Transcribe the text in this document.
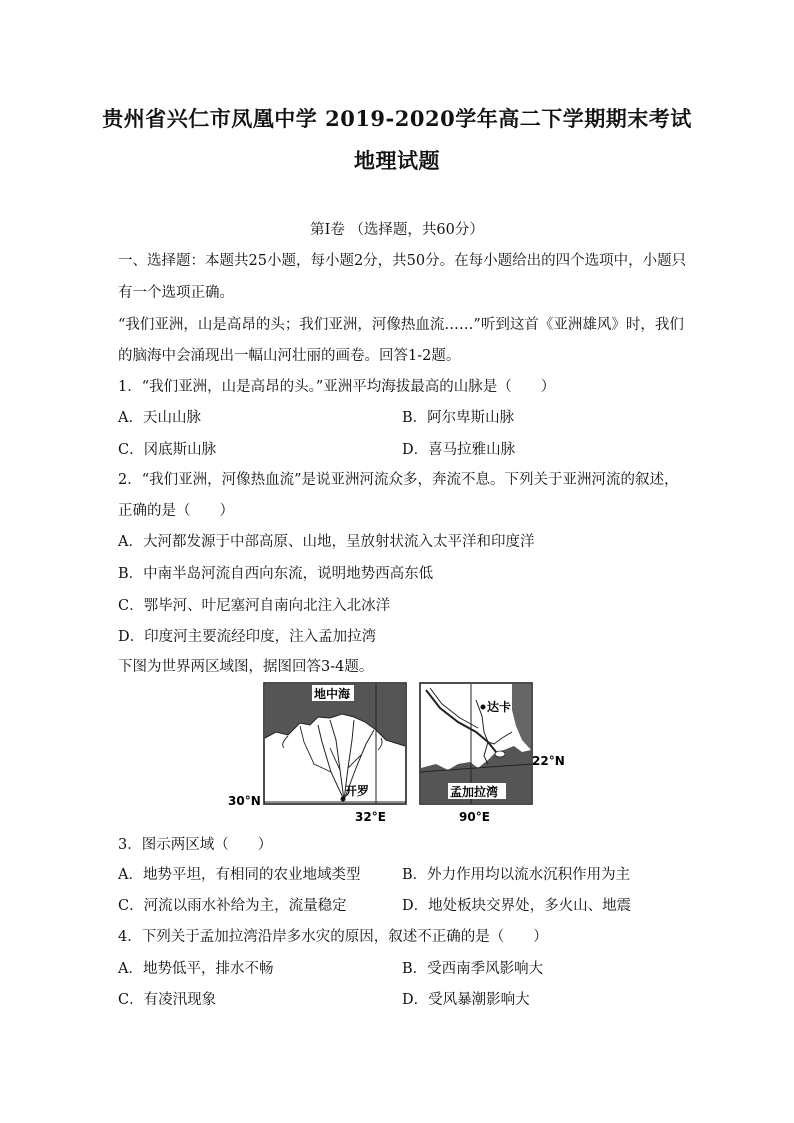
贵州省兴仁市凤凰中学 2019-2020学年高二下学期期末考试
地理试题
第Ⅰ卷 （选择题，共60分）
一、选择题：本题共25小题，每小题2分，共50分。在每小题给出的四个选项中，小题只
有一个选项正确。
“我们亚洲，山是高昂的头；我们亚洲，河像热血流……”听到这首《亚洲雄风》时，我们
的脑海中会涌现出一幅山河壮丽的画卷。回答1-2题。
1．“我们亚洲，山是高昂的头。”亚洲平均海拔最高的山脉是（　　）
A．天山山脉	B．阿尔卑斯山脉
C．冈底斯山脉	D．喜马拉雅山脉
2．“我们亚洲，河像热血流”是说亚洲河流众多，奔流不息。下列关于亚洲河流的叙述，
正确的是（　　）
A．大河都发源于中部高原、山地，呈放射状流入太平洋和印度洋
B．中南半岛河流自西向东流，说明地势西高东低
C．鄂毕河、叶尼塞河自南向北注入北冰洋
D．印度河主要流经印度，注入孟加拉湾
下图为世界两区域图，据图回答3-4题。
地中海
开罗
30°N
32°E
达卡
孟加拉湾
22°N
90°E
3．图示两区域（　　）
A．地势平坦，有相同的农业地域类型	B．外力作用均以流水沉积作用为主
C．河流以雨水补给为主，流量稳定	D．地处板块交界处，多火山、地震
4．下列关于孟加拉湾沿岸多水灾的原因，叙述不正确的是（　　）
A．地势低平，排水不畅	B．受西南季风影响大
C．有凌汛现象	D．受风暴潮影响大
